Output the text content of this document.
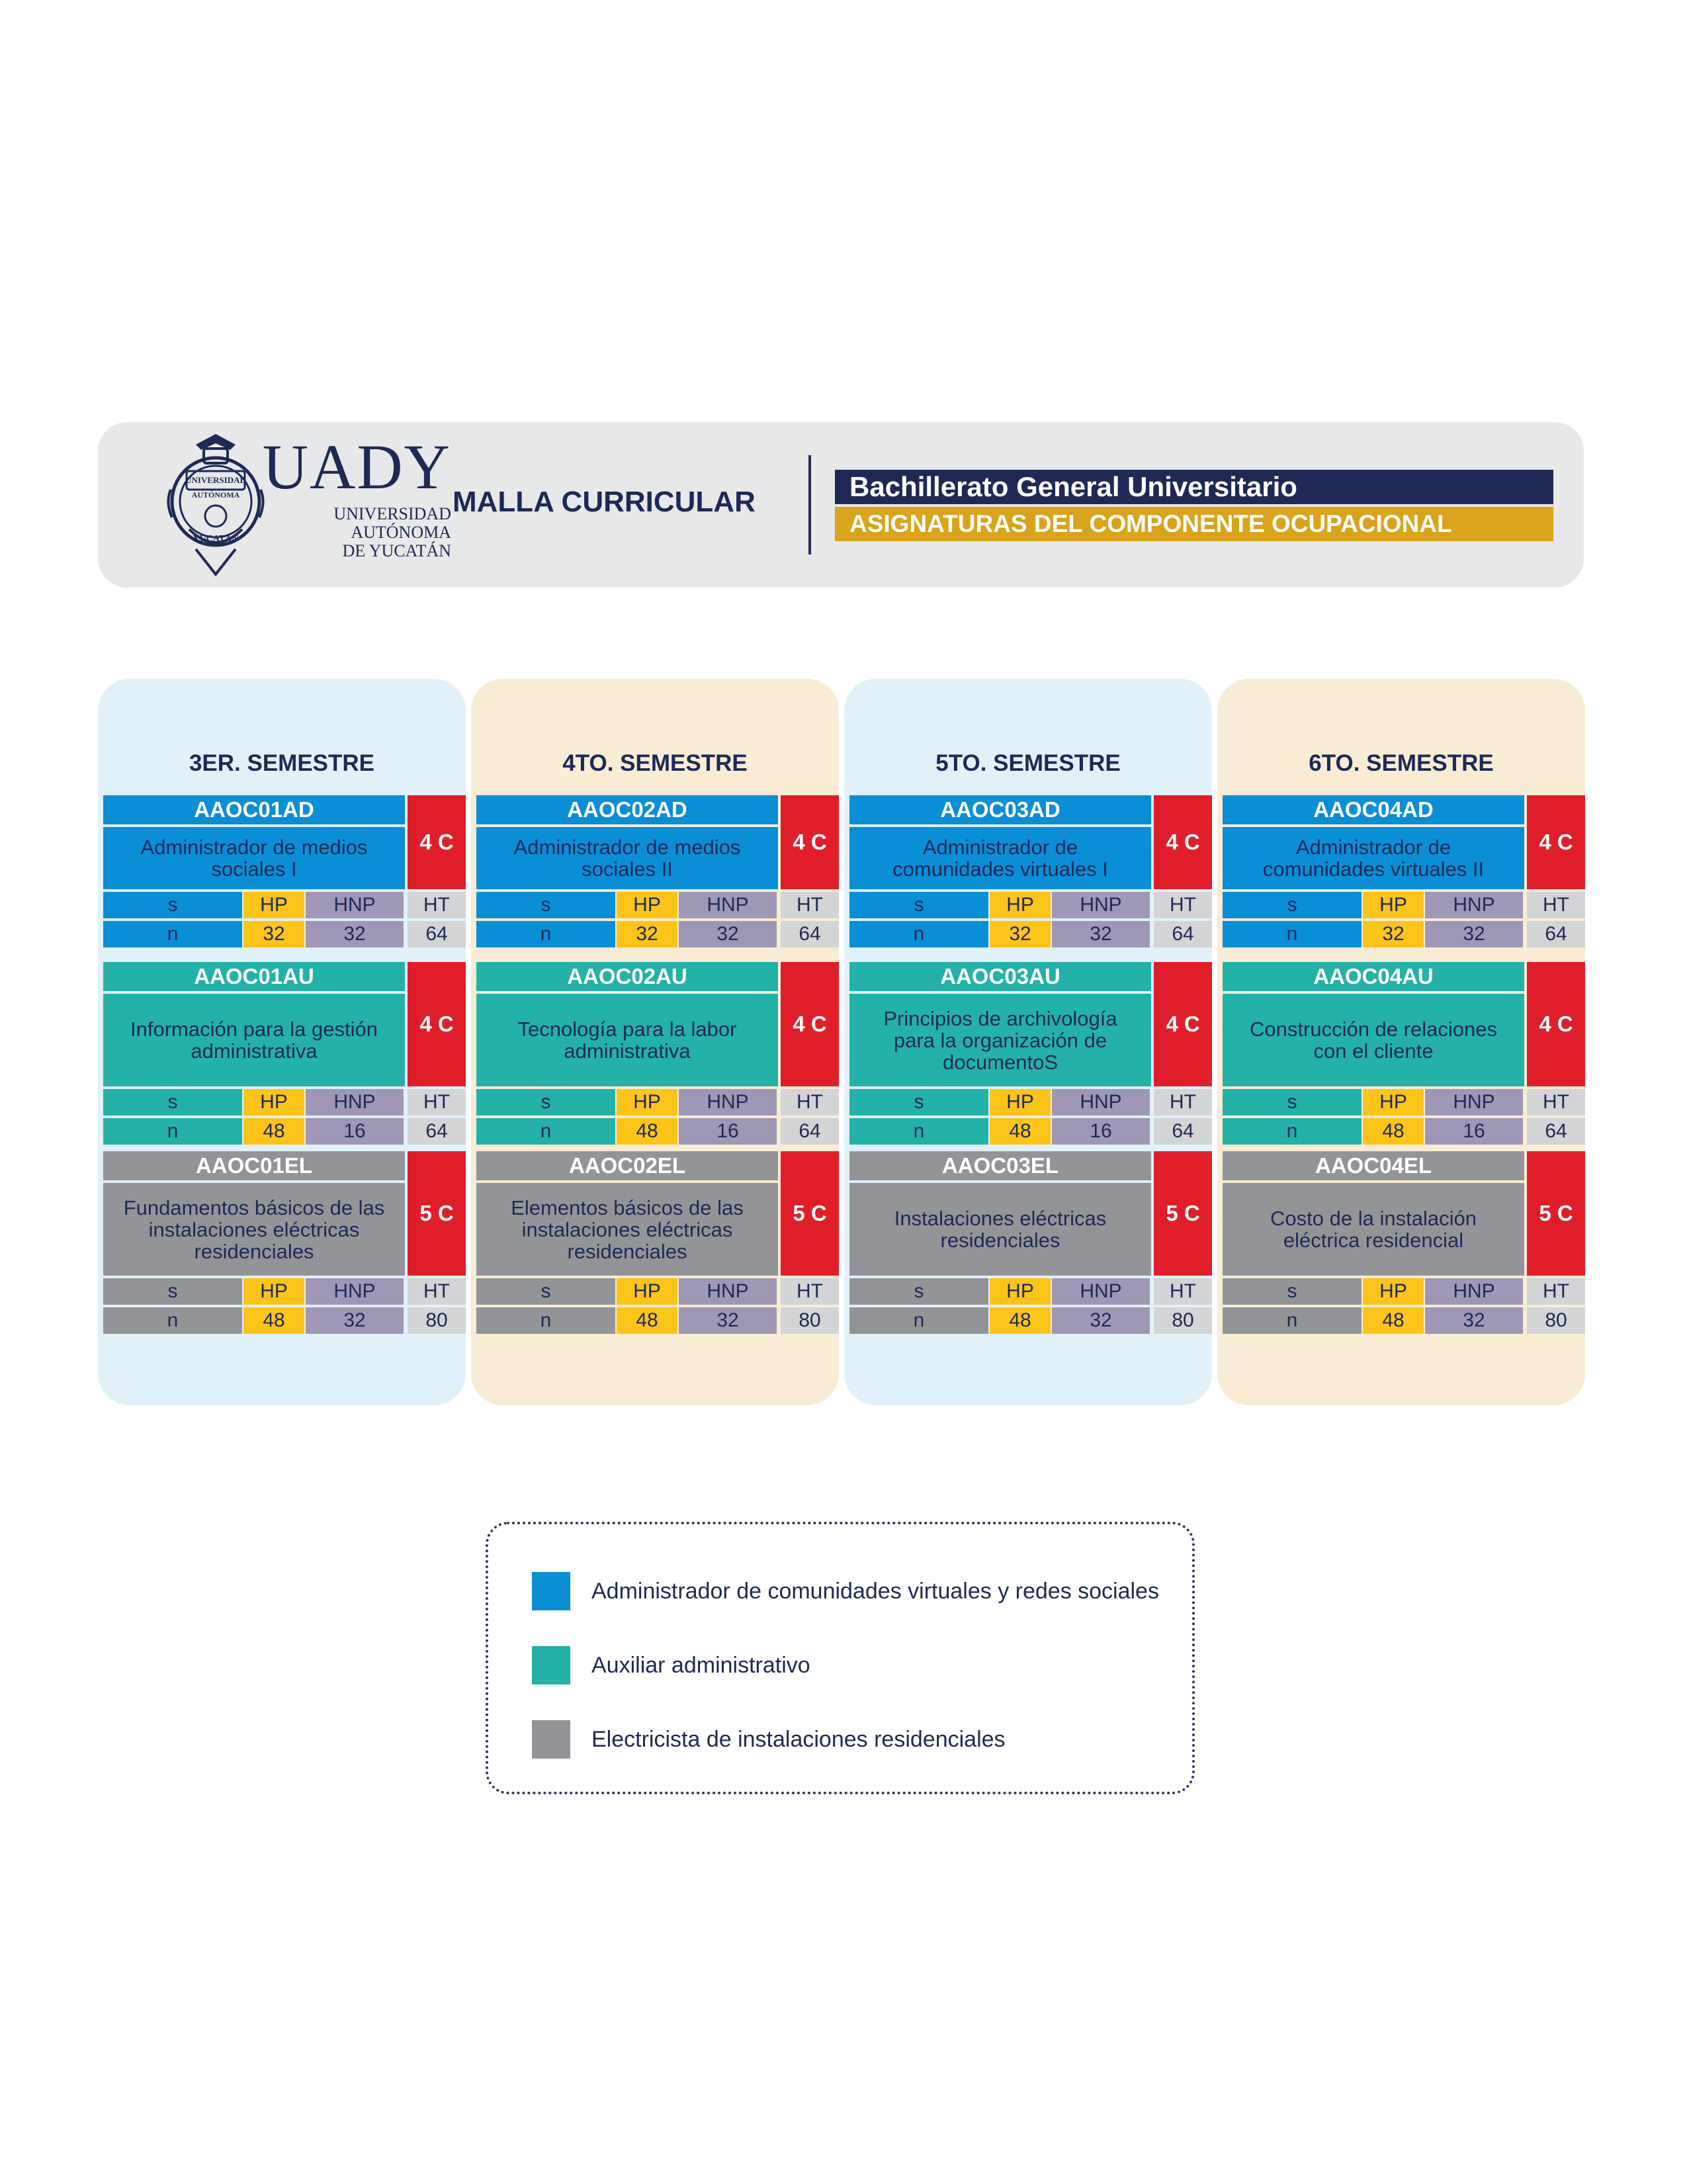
UNIVERSIDAD
AUTÓNOMA
YUCATÁN
UADY
UNIVERSIDAD
AUTÓNOMA
DE YUCATÁN
MALLA CURRICULAR	Bachillerato General Universitario
ASIGNATURAS DEL COMPONENTE OCUPACIONAL
3ER. SEMESTRE
AAOC01AD
Administrador de medios sociales I
4 C
s	HP	HNP	HT
n	32	32	64
AAOC01AU
Información para la gestión administrativa
4 C
s	HP	HNP	HT
n	48	16	64
AAOC01EL
Fundamentos básicos de las instalaciones eléctricas residenciales
5 C
s	HP	HNP	HT
n	48	32	80
4TO. SEMESTRE
AAOC02AD
Administrador de medios sociales II
4 C
s	HP	HNP	HT
n	32	32	64
AAOC02AU
Tecnología para la labor administrativa
4 C
s	HP	HNP	HT
n	48	16	64
AAOC02EL
Elementos básicos de las instalaciones eléctricas residenciales
5 C
s	HP	HNP	HT
n	48	32	80
5TO. SEMESTRE
AAOC03AD
Administrador de comunidades virtuales I
4 C
s	HP	HNP	HT
n	32	32	64
AAOC03AU
Principios de archivología para la organización de documentoS
4 C
s	HP	HNP	HT
n	48	16	64
AAOC03EL
Instalaciones eléctricas residenciales
5 C
s	HP	HNP	HT
n	48	32	80
6TO. SEMESTRE
AAOC04AD
Administrador de comunidades virtuales II
4 C
s	HP	HNP	HT
n	32	32	64
AAOC04AU
Construcción de relaciones con el cliente
4 C
s	HP	HNP	HT
n	48	16	64
AAOC04EL
Costo de la instalación eléctrica residencial
5 C
s	HP	HNP	HT
n	48	32	80
Administrador de comunidades virtuales y redes sociales
Auxiliar administrativo
Electricista de instalaciones residenciales
